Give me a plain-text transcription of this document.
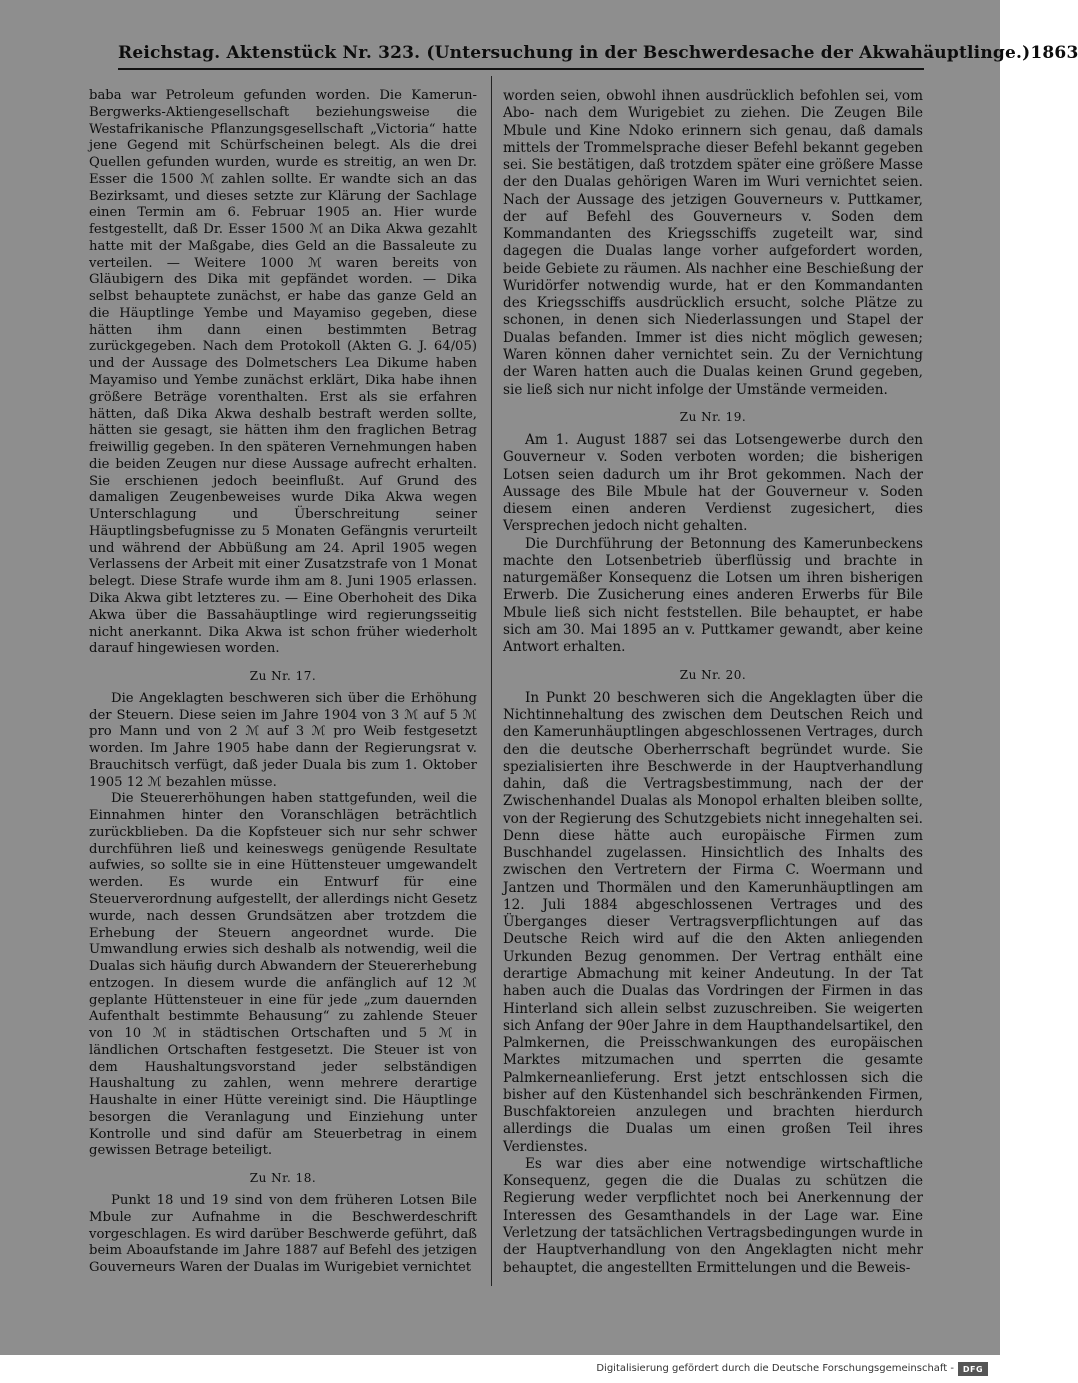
Reichstag. Aktenstück Nr. 323. (Untersuchung in der Beschwerdesache der Akwahäuptlinge.) 1863

baba war Petroleum gefunden worden. Die Kamerun-Bergwerks-Aktiengesellschaft beziehungsweise die Westafrikanische Pflanzungsgesellschaft „Victoria“ hatte jene Gegend mit Schürfscheinen belegt. Als die drei Quellen gefunden wurden, wurde es streitig, an wen Dr. Esser die 1500 ℳ zahlen sollte. Er wandte sich an das Bezirksamt, und dieses setzte zur Klärung der Sachlage einen Termin am 6. Februar 1905 an. Hier wurde festgestellt, daß Dr. Esser 1500 ℳ an Dika Akwa gezahlt hatte mit der Maßgabe, dies Geld an die Bassaleute zu verteilen. — Weitere 1000 ℳ waren bereits von Gläubigern des Dika mit gepfändet worden. — Dika selbst behauptete zunächst, er habe das ganze Geld an die Häuptlinge Yembe und Mayamiso gegeben, diese hätten ihm dann einen bestimmten Betrag zurückgegeben. Nach dem Protokoll (Akten G. J. 64/05) und der Aussage des Dolmetschers Lea Dikume haben Mayamiso und Yembe zunächst erklärt, Dika habe ihnen größere Beträge vorenthalten. Erst als sie erfahren hätten, daß Dika Akwa deshalb bestraft werden sollte, hätten sie gesagt, sie hätten ihm den fraglichen Betrag freiwillig gegeben. In den späteren Vernehmungen haben die beiden Zeugen nur diese Aussage aufrecht erhalten. Sie erschienen jedoch beeinflußt. Auf Grund des damaligen Zeugenbeweises wurde Dika Akwa wegen Unterschlagung und Überschreitung seiner Häuptlingsbefugnisse zu 5 Monaten Gefängnis verurteilt und während der Abbüßung am 24. April 1905 wegen Verlassens der Arbeit mit einer Zusatzstrafe von 1 Monat belegt. Diese Strafe wurde ihm am 8. Juni 1905 erlassen. Dika Akwa gibt letzteres zu. — Eine Oberhoheit des Dika Akwa über die Bassahäuptlinge wird regierungsseitig nicht anerkannt. Dika Akwa ist schon früher wiederholt darauf hingewiesen worden.

Zu Nr. 17.

Die Angeklagten beschweren sich über die Erhöhung der Steuern. Diese seien im Jahre 1904 von 3 ℳ auf 5 ℳ pro Mann und von 2 ℳ auf 3 ℳ pro Weib festgesetzt worden. Im Jahre 1905 habe dann der Regierungsrat v. Brauchitsch verfügt, daß jeder Duala bis zum 1. Oktober 1905 12 ℳ bezahlen müsse.

Die Steuererhöhungen haben stattgefunden, weil die Einnahmen hinter den Voranschlägen beträchtlich zurückblieben. Da die Kopfsteuer sich nur sehr schwer durchführen ließ und keineswegs genügende Resultate aufwies, so sollte sie in eine Hüttensteuer umgewandelt werden. Es wurde ein Entwurf für eine Steuerverordnung aufgestellt, der allerdings nicht Gesetz wurde, nach dessen Grundsätzen aber trotzdem die Erhebung der Steuern angeordnet wurde. Die Umwandlung erwies sich deshalb als notwendig, weil die Dualas sich häufig durch Abwandern der Steuererhebung entzogen. In diesem wurde die anfänglich auf 12 ℳ geplante Hüttensteuer in eine für jede „zum dauernden Aufenthalt bestimmte Behausung“ zu zahlende Steuer von 10 ℳ in städtischen Ortschaften und 5 ℳ in ländlichen Ortschaften festgesetzt. Die Steuer ist von dem Haushaltungsvorstand jeder selbständigen Haushaltung zu zahlen, wenn mehrere derartige Haushalte in einer Hütte vereinigt sind. Die Häuptlinge besorgen die Veranlagung und Einziehung unter Kontrolle und sind dafür am Steuerbetrag in einem gewissen Betrage beteiligt.

Zu Nr. 18.

Punkt 18 und 19 sind von dem früheren Lotsen Bile Mbule zur Aufnahme in die Beschwerdeschrift vorgeschlagen. Es wird darüber Beschwerde geführt, daß beim Aboaufstande im Jahre 1887 auf Befehl des jetzigen Gouverneurs Waren der Dualas im Wurigebiet vernichtet

worden seien, obwohl ihnen ausdrücklich befohlen sei, vom Abo- nach dem Wurigebiet zu ziehen. Die Zeugen Bile Mbule und Kine Ndoko erinnern sich genau, daß damals mittels der Trommelsprache dieser Befehl bekannt gegeben sei. Sie bestätigen, daß trotzdem später eine größere Masse der den Dualas gehörigen Waren im Wuri vernichtet seien. Nach der Aussage des jetzigen Gouverneurs v. Puttkamer, der auf Befehl des Gouverneurs v. Soden dem Kommandanten des Kriegsschiffs zugeteilt war, sind dagegen die Dualas lange vorher aufgefordert worden, beide Gebiete zu räumen. Als nachher eine Beschießung der Wuridörfer notwendig wurde, hat er den Kommandanten des Kriegsschiffs ausdrücklich ersucht, solche Plätze zu schonen, in denen sich Niederlassungen und Stapel der Dualas befanden. Immer ist dies nicht möglich gewesen; Waren können daher vernichtet sein. Zu der Vernichtung der Waren hatten auch die Dualas keinen Grund gegeben, sie ließ sich nur nicht infolge der Umstände vermeiden.

Zu Nr. 19.

Am 1. August 1887 sei das Lotsengewerbe durch den Gouverneur v. Soden verboten worden; die bisherigen Lotsen seien dadurch um ihr Brot gekommen. Nach der Aussage des Bile Mbule hat der Gouverneur v. Soden diesem einen anderen Verdienst zugesichert, dies Versprechen jedoch nicht gehalten.

Die Durchführung der Betonnung des Kamerunbeckens machte den Lotsenbetrieb überflüssig und brachte in naturgemäßer Konsequenz die Lotsen um ihren bisherigen Erwerb. Die Zusicherung eines anderen Erwerbs für Bile Mbule ließ sich nicht feststellen. Bile behauptet, er habe sich am 30. Mai 1895 an v. Puttkamer gewandt, aber keine Antwort erhalten.

Zu Nr. 20.

In Punkt 20 beschweren sich die Angeklagten über die Nichtinnehaltung des zwischen dem Deutschen Reich und den Kamerunhäuptlingen abgeschlossenen Vertrages, durch den die deutsche Oberherrschaft begründet wurde. Sie spezialisierten ihre Beschwerde in der Hauptverhandlung dahin, daß die Vertragsbestimmung, nach der der Zwischenhandel Dualas als Monopol erhalten bleiben sollte, von der Regierung des Schutzgebiets nicht innegehalten sei. Denn diese hätte auch europäische Firmen zum Buschhandel zugelassen. Hinsichtlich des Inhalts des zwischen den Vertretern der Firma C. Woermann und Jantzen und Thormälen und den Kamerunhäuptlingen am 12. Juli 1884 abgeschlossenen Vertrages und des Überganges dieser Vertragsverpflichtungen auf das Deutsche Reich wird auf die den Akten anliegenden Urkunden Bezug genommen. Der Vertrag enthält eine derartige Abmachung mit keiner Andeutung. In der Tat haben auch die Dualas das Vordringen der Firmen in das Hinterland sich allein selbst zuzuschreiben. Sie weigerten sich Anfang der 90er Jahre in dem Haupthandelsartikel, den Palmkernen, die Preisschwankungen des europäischen Marktes mitzumachen und sperrten die gesamte Palmkerneanlieferung. Erst jetzt entschlossen sich die bisher auf den Küstenhandel sich beschränkenden Firmen, Buschfaktoreien anzulegen und brachten hierdurch allerdings die Dualas um einen großen Teil ihres Verdienstes.

Es war dies aber eine notwendige wirtschaftliche Konsequenz, gegen die die Dualas zu schützen die Regierung weder verpflichtet noch bei Anerkennung der Interessen des Gesamthandels in der Lage war. Eine Verletzung der tatsächlichen Vertragsbedingungen wurde in der Hauptverhandlung von den Angeklagten nicht mehr behauptet, die angestellten Ermittelungen und die Beweis-

Digitalisierung gefördert durch die Deutsche Forschungsgemeinschaft -	DFG
